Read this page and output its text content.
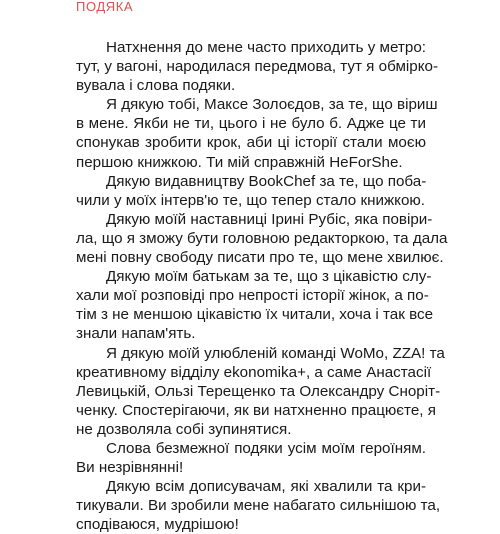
ПОДЯКА
Натхнення до мене часто приходить у метро:
тут, у вагоні, народилася передмова, тут я обмірко-
вувала і слова подяки.
Я дякую тобі, Максе Золоєдов, за те, що віриш
в мене. Якби не ти, цього і не було б. Адже це ти
спонукав зробити крок, аби ці історії стали моєю
першою книжкою. Ти мій справжній HeForShe.
Дякую видавництву BookChef за те, що поба-
чили у моїх інтерв'ю те, що тепер стало книжкою.
Дякую моїй наставниці Ірині Рубіс, яка повіри-
ла, що я зможу бути головною редакторкою, та дала
мені повну свободу писати про те, що мене хвилює.
Дякую моїм батькам за те, що з цікавістю слу-
хали мої розповіді про непрості історії жінок, а по-
тім з не меншою цікавістю їх читали, хоча і так все
знали напам'ять.
Я дякую моїй улюбленій команді WoMo, ZZA! та
креативному відділу еkonomika+, а саме Анастасії
Левицькій, Ользі Терещенко та Олександру Сноріт-
ченку. Спостерігаючи, як ви натхненно працюєте, я
не дозволяла собі зупинятися.
Слова безмежної подяки усім моїм героїням.
Ви незрівнянні!
Дякую всім дописувачам, які хвалили та кри-
тикували. Ви зробили мене набагато сильнішою та,
сподіваюся, мудрішою!
